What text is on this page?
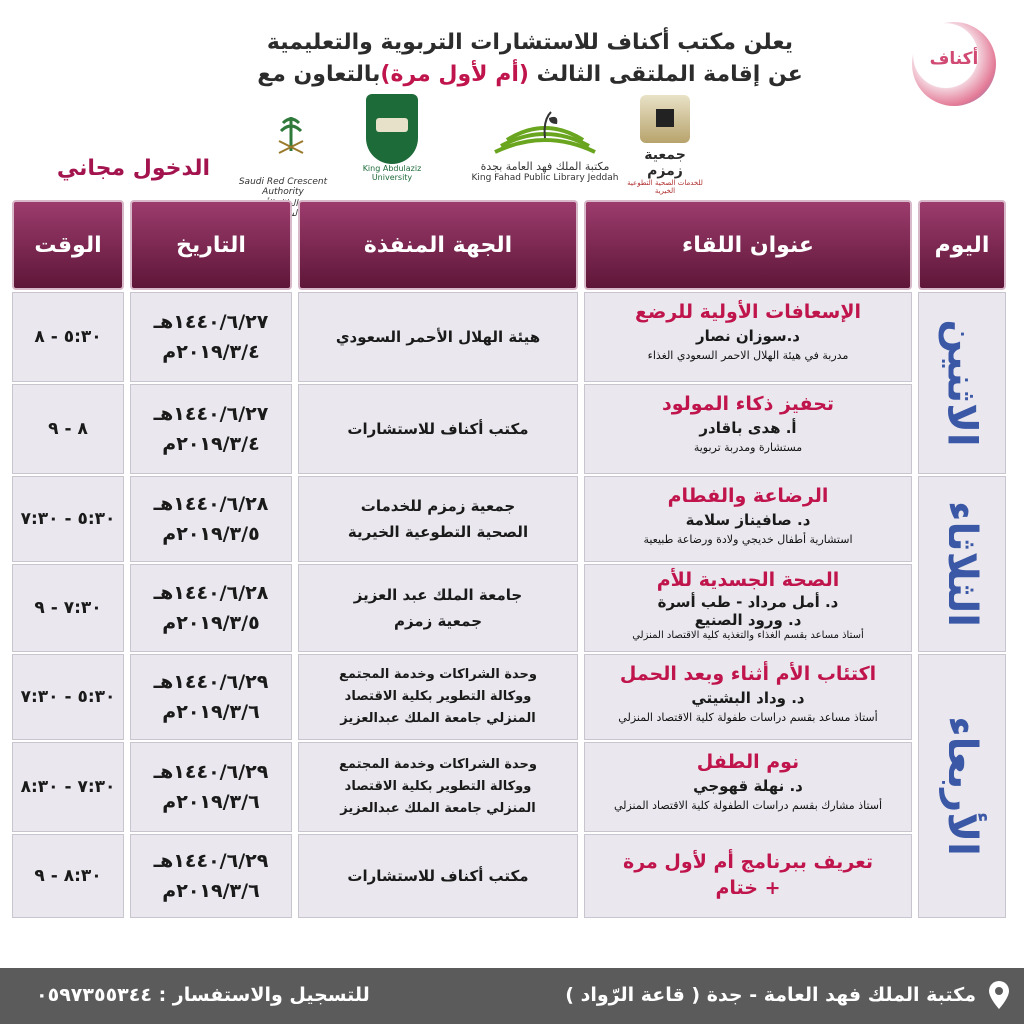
يعلن مكتب أكناف للاستشارات التربوية والتعليمية
عن إقامة الملتقى الثالث (أم لأول مرة)بالتعاون مع
أكناف
جمعية زمزم
للخدمات الصحية التطوعية الخيرية
مكتبة الملك فهد العامة بجدة
King Fahad Public Library Jeddah
King Abdulaziz University
Saudi Red Crescent Authority
الدخول مجاني
اليوم
عنوان اللقاء
الجهة المنفذة
التاريخ
الوقت
الاثنين
الثلاثاء
الأربعاء
الإسعافات الأولية للرضع
د.سوزان نصار
مدربة في هيئة الهلال الاحمر السعودي الغذاء
هيئة الهلال الأحمر السعودي
١٤٤٠/٦/٢٧هـ
٢٠١٩/٣/٤م
٥:٣٠ - ٨
تحفيز ذكاء المولود
أ. هدى باقادر
مستشارة ومدربة تربوية
مكتب أكناف للاستشارات
١٤٤٠/٦/٢٧هـ
٢٠١٩/٣/٤م
٨ - ٩
الرضاعة والفطام
د. صافيناز سلامة
استشارية أطفال خديجي ولادة ورضاعة طبيعية
جمعية زمزم للخدمات
الصحية التطوعية الخيرية
١٤٤٠/٦/٢٨هـ
٢٠١٩/٣/٥م
٥:٣٠ - ٧:٣٠
الصحة الجسدية للأم
د. أمل مرداد - طب أسرة
د. ورود الصنيع
أستاذ مساعد بقسم الغذاء والتغذية كلية الاقتصاد المنزلي
جامعة الملك عبد العزيز
جمعية زمزم
١٤٤٠/٦/٢٨هـ
٢٠١٩/٣/٥م
٧:٣٠ - ٩
اكتئاب الأم أثناء وبعد الحمل
د. وداد البشيتي
أستاذ مساعد بقسم دراسات طفولة كلية الاقتصاد المنزلي
وحدة الشراكات وخدمة المجتمع
ووكالة التطوير بكلية الاقتصاد
المنزلي جامعة الملك عبدالعزيز
١٤٤٠/٦/٢٩هـ
٢٠١٩/٣/٦م
٥:٣٠ - ٧:٣٠
نوم الطفل
د. نهلة قهوجي
أستاذ مشارك بقسم دراسات الطفولة كلية الاقتصاد المنزلي
وحدة الشراكات وخدمة المجتمع
ووكالة التطوير بكلية الاقتصاد
المنزلي جامعة الملك عبدالعزيز
١٤٤٠/٦/٢٩هـ
٢٠١٩/٣/٦م
٧:٣٠ - ٨:٣٠
تعريف ببرنامج أم لأول مرة
+ ختام
مكتب أكناف للاستشارات
١٤٤٠/٦/٢٩هـ
٢٠١٩/٣/٦م
٨:٣٠ - ٩
مكتبة الملك فهد العامة - جدة ( قاعة الرّواد )
للتسجيل والاستفسار : ٠٥٩٧٣٥٥٣٤٤
